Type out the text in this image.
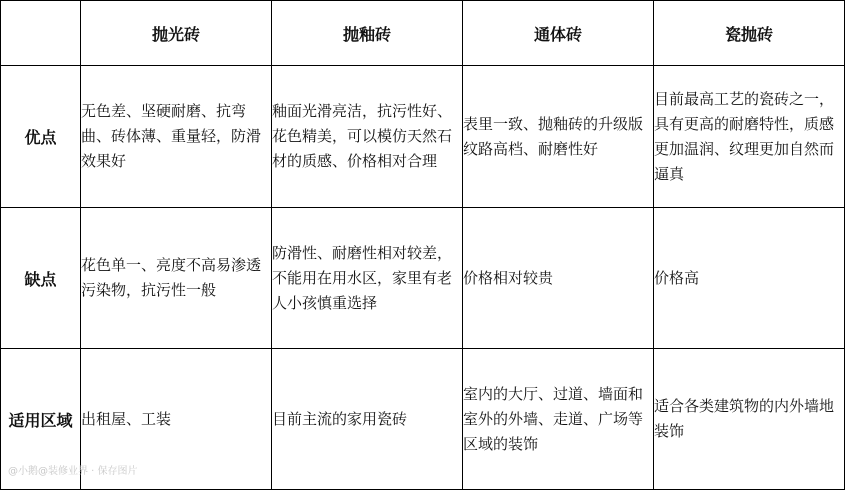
	抛光砖	抛釉砖	通体砖	瓷抛砖
优点	无色差、坚硬耐磨、抗弯曲、砖体薄、重量轻，防滑效果好	釉面光滑亮洁，抗污性好、花色精美，可以模仿天然石材的质感、价格相对合理	表里一致、抛釉砖的升级版 纹路高档、耐磨性好	目前最高工艺的瓷砖之一，具有更高的耐磨特性，质感更加温润、纹理更加自然而逼真
缺点	花色单一、亮度不高易渗透污染物，抗污性一般	防滑性、耐磨性相对较差，不能用在用水区，家里有老人小孩慎重选择	价格相对较贵	价格高
适用区域	出租屋、工装	目前主流的家用瓷砖	室内的大厅、过道、墙面和室外的外墙、走道、广场等区域的装饰	适合各类建筑物的内外墙地装饰
@小鹅@装修业界 · 保存图片
